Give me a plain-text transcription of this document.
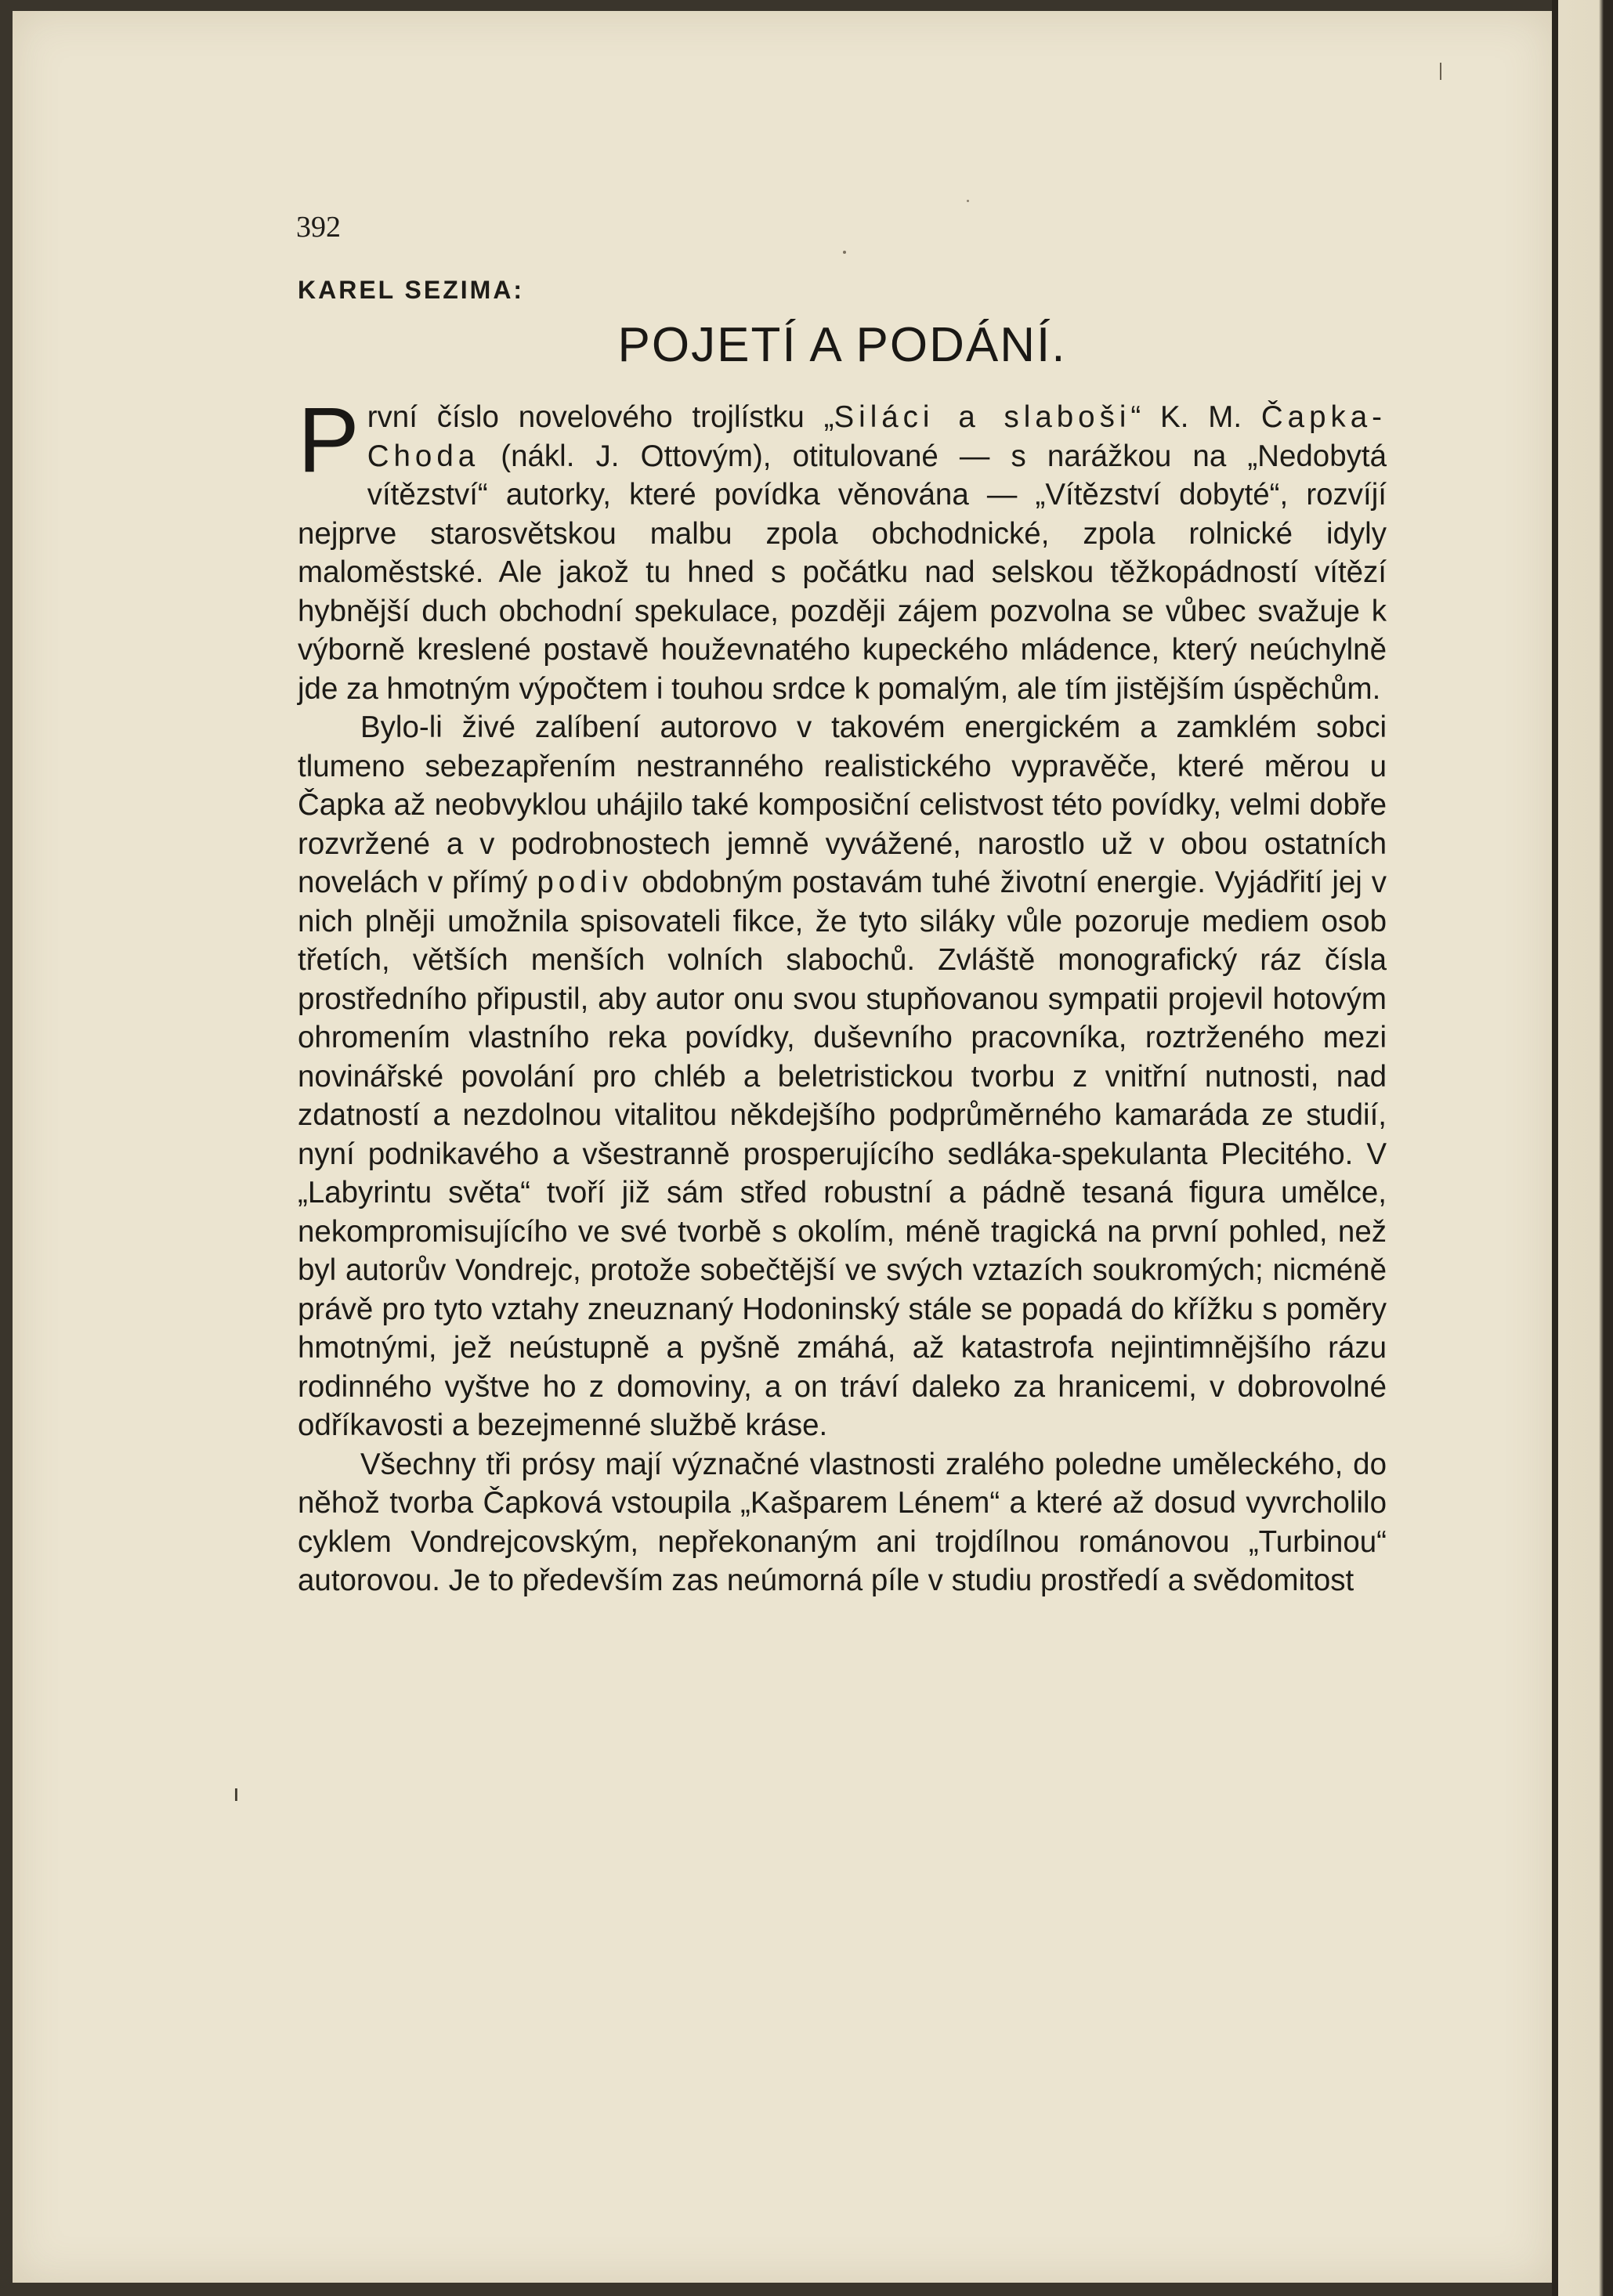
392
KAREL SEZIMA:
POJETÍ A PODÁNÍ.

První číslo novelového trojlístku „Siláci a slaboši“ K. M. Čapka-Choda (nákl. J. Ottovým), otitulované — s narážkou na „Nedobytá vítězství“ autorky, které povídka věnována — „Vítězství dobyté“, rozvíjí nejprve starosvětskou malbu zpola obchodnické, zpola rolnické idyly maloměstské. Ale jakož tu hned s počátku nad selskou těžkopádností vítězí hybnější duch obchodní spekulace, později zájem pozvolna se vůbec svažuje k výborně kreslené postavě houževnatého kupeckého mládence, který neúchylně jde za hmotným výpočtem i touhou srdce k pomalým, ale tím jistějším úspěchům.

Bylo-li živé zalíbení autorovo v takovém energickém a zamklém sobci tlumeno sebezapřením nestranného realistického vypravěče, které měrou u Čapka až neobvyklou uhájilo také komposiční celistvost této povídky, velmi dobře rozvržené a v podrobnostech jemně vyvážené, narostlo už v obou ostatních novelách v přímý podiv obdobným postavám tuhé životní energie. Vyjádřití jej v nich plněji umožnila spisovateli fikce, že tyto siláky vůle pozoruje mediem osob třetích, větších menších volních slabochů. Zvláště monografický ráz čísla prostředního připustil, aby autor onu svou stupňovanou sympatii projevil hotovým ohromením vlastního reka povídky, duševního pracovníka, roztrženého mezi novinářské povolání pro chléb a beletristickou tvorbu z vnitřní nutnosti, nad zdatností a nezdolnou vitalitou někdejšího podprůměrného kamaráda ze studií, nyní podnikavého a všestranně prosperujícího sedláka-spekulanta Plecitého. V „Labyrintu světa“ tvoří již sám střed robustní a pádně tesaná figura umělce, nekompromisujícího ve své tvorbě s okolím, méně tragická na první pohled, než byl autorův Vondrejc, protože sobečtější ve svých vztazích soukromých; nicméně právě pro tyto vztahy zneuznaný Hodoninský stále se popadá do křížku s poměry hmotnými, jež neústupně a pyšně zmáhá, až katastrofa nejintimnějšího rázu rodinného vyštve ho z domoviny, a on tráví daleko za hranicemi, v dobrovolné odříkavosti a bezejmenné službě kráse.

Všechny tři prósy mají význačné vlastnosti zralého poledne uměleckého, do něhož tvorba Čapková vstoupila „Kašparem Lénem“ a které až dosud vyvrcholilo cyklem Vondrejcovským, nepřekonaným ani trojdílnou románovou „Turbinou“ autorovou. Je to především zas neúmorná píle v studiu prostředí a svědomitost
